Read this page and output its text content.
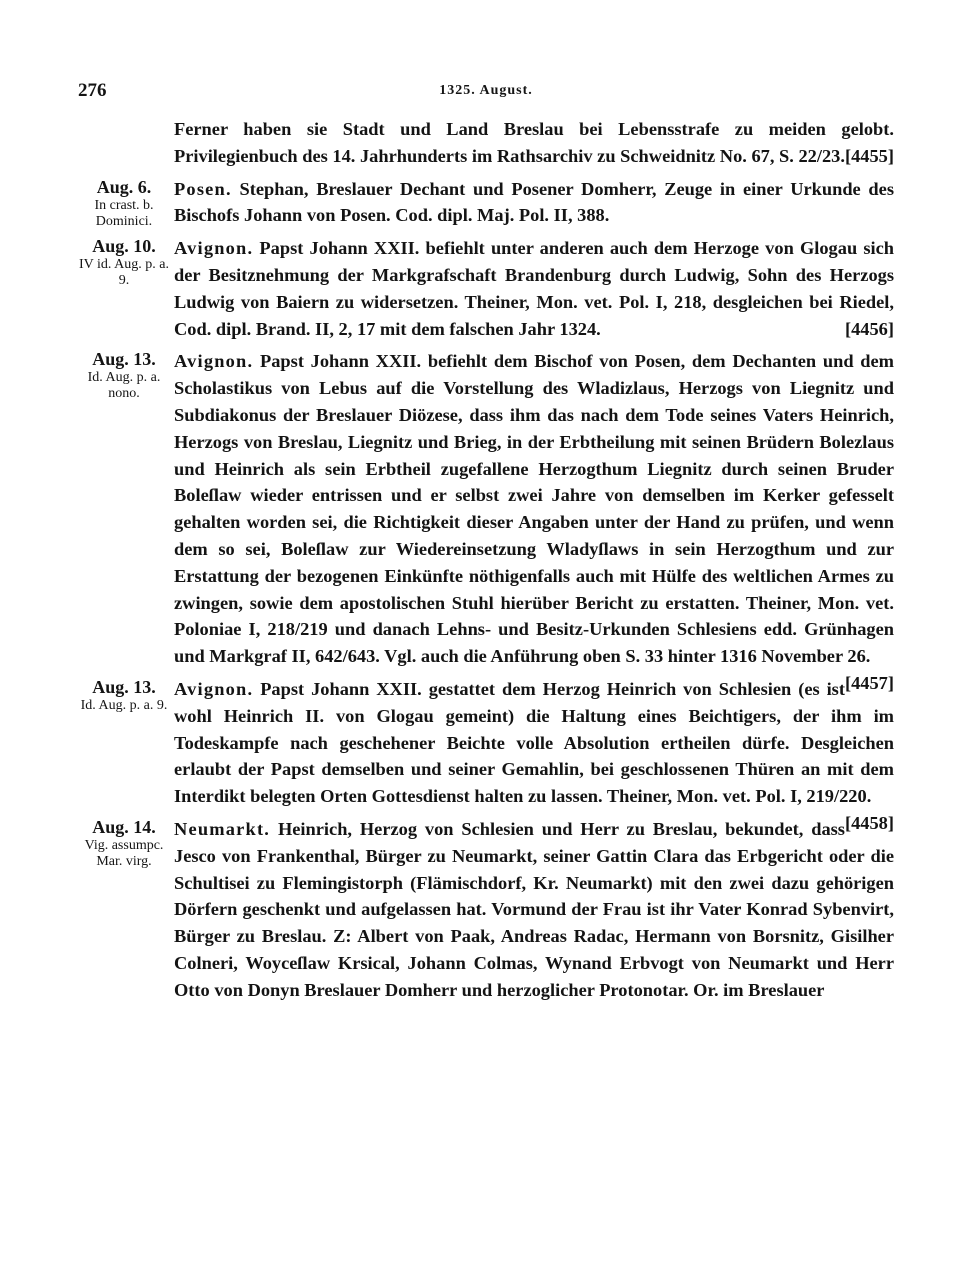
276	1325. August.
Ferner haben sie Stadt und Land Breslau bei Lebensstrafe zu meiden gelobt. Privilegienbuch des 14. Jahrhunderts im Rathsarchiv zu Schweidnitz No. 67, S. 22/23. [4455]
Aug. 6.
In crast. b. Dominici.
Posen. Stephan, Breslauer Dechant und Posener Domherr, Zeuge in einer Urkunde des Bischofs Johann von Posen. Cod. dipl. Maj. Pol. II, 388.
Aug. 10.
IV id. Aug. p. a. 9.
Avignon. Papst Johann XXII. befiehlt unter anderen auch dem Herzoge von Glogau sich der Besitznehmung der Markgrafschaft Brandenburg durch Ludwig, Sohn des Herzogs Ludwig von Baiern zu widersetzen. Theiner, Mon. vet. Pol. I, 218, desgleichen bei Riedel, Cod. dipl. Brand. II, 2, 17 mit dem falschen Jahr 1324.	[4456]
Aug. 13.
Id. Aug. p. a. nono.
Avignon. Papst Johann XXII. befiehlt dem Bischof von Posen, dem Dechanten und dem Scholastikus von Lebus auf die Vorstellung des Wladizlaus, Herzogs von Liegnitz und Subdiakonus der Breslauer Diözese, dass ihm das nach dem Tode seines Vaters Heinrich, Herzogs von Breslau, Liegnitz und Brieg, in der Erbtheilung mit seinen Brüdern Bolezlaus und Heinrich als sein Erbtheil zugefallene Herzogthum Liegnitz durch seinen Bruder Boleſlaw wieder entrissen und er selbst zwei Jahre von demselben im Kerker gefesselt gehalten worden sei, die Richtigkeit dieser Angaben unter der Hand zu prüfen, und wenn dem so sei, Boleſlaw zur Wiedereinsetzung Wladyſlaws in sein Herzogthum und zur Erstattung der bezogenen Einkünfte nöthigenfalls auch mit Hülfe des weltlichen Armes zu zwingen, sowie dem apostolischen Stuhl hierüber Bericht zu erstatten. Theiner, Mon. vet. Poloniae I, 218/219 und danach Lehns- und Besitz-Urkunden Schlesiens edd. Grünhagen und Markgraf II, 642/643. Vgl. auch die Anführung oben S. 33 hinter 1316 November 26.
[4457]
Aug. 13.
Id. Aug. p. a. 9.
Avignon. Papst Johann XXII. gestattet dem Herzog Heinrich von Schlesien (es ist wohl Heinrich II. von Glogau gemeint) die Haltung eines Beichtigers, der ihm im Todeskampfe nach geschehener Beichte volle Absolution ertheilen dürfe. Desgleichen erlaubt der Papst demselben und seiner Gemahlin, bei geschlossenen Thüren an mit dem Interdikt belegten Orten Gottesdienst halten zu lassen. Theiner, Mon. vet. Pol. I, 219/220.
[4458]
Aug. 14.
Vig. assumpc. Mar. virg.
Neumarkt. Heinrich, Herzog von Schlesien und Herr zu Breslau, bekundet, dass Jesco von Frankenthal, Bürger zu Neumarkt, seiner Gattin Clara das Erbgericht oder die Schultisei zu Flemingistorph (Flämischdorf, Kr. Neumarkt) mit den zwei dazu gehörigen Dörfern geschenkt und aufgelassen hat. Vormund der Frau ist ihr Vater Konrad Sybenvirt, Bürger zu Breslau. Z: Albert von Paak, Andreas Radac, Hermann von Borsnitz, Gisilher Colneri, Woyceſlaw Krsical, Johann Colmas, Wynand Erbvogt von Neumarkt und Herr Otto von Donyn Breslauer Domherr und herzoglicher Protonotar. Or. im Breslauer
